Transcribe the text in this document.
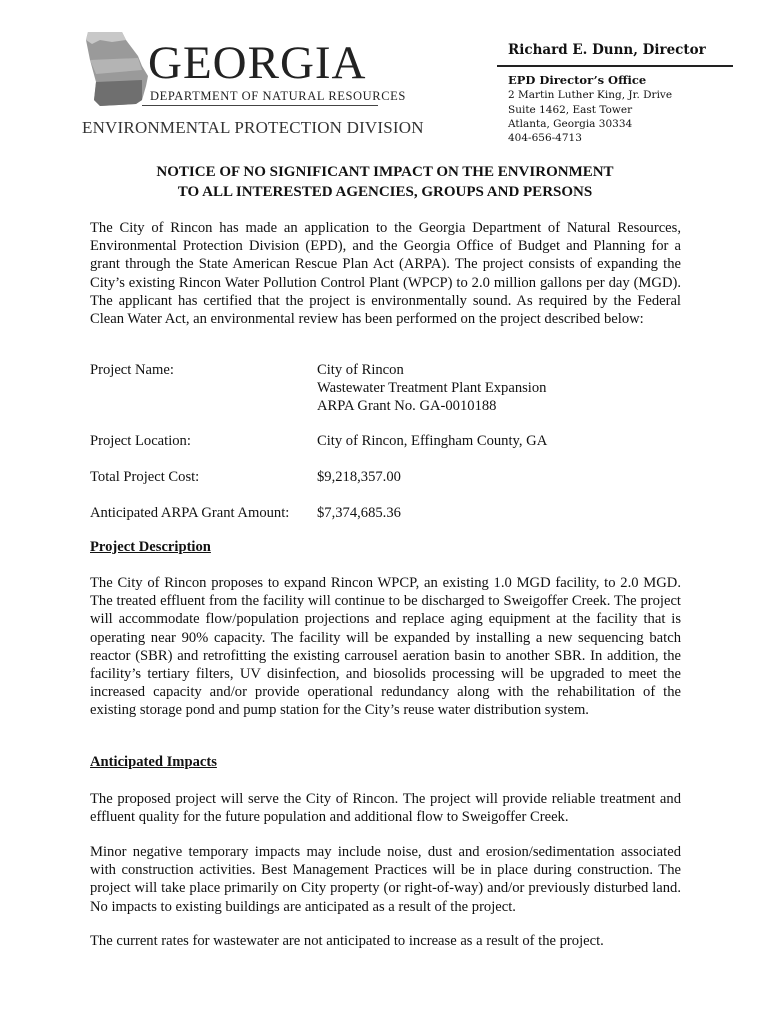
GEORGIA
DEPARTMENT OF NATURAL RESOURCES
ENVIRONMENTAL PROTECTION DIVISION
Richard E. Dunn, Director
EPD Director’s Office
2 Martin Luther King, Jr. Drive
Suite 1462, East Tower
Atlanta, Georgia 30334
404-656-4713
NOTICE OF NO SIGNIFICANT IMPACT ON THE ENVIRONMENT
TO ALL INTERESTED AGENCIES, GROUPS AND PERSONS
The City of Rincon has made an application to the Georgia Department of Natural Resources, Environmental Protection Division (EPD), and the Georgia Office of Budget and Planning for a grant through the State American Rescue Plan Act (ARPA). The project consists of expanding the City’s existing Rincon Water Pollution Control Plant (WPCP) to 2.0 million gallons per day (MGD). The applicant has certified that the project is environmentally sound. As required by the Federal Clean Water Act, an environmental review has been performed on the project described below:
Project Name:	City of Rincon
Wastewater Treatment Plant Expansion
ARPA Grant No. GA-0010188
Project Location:	City of Rincon, Effingham County, GA
Total Project Cost:	$9,218,357.00
Anticipated ARPA Grant Amount: $7,374,685.36
Project Description
The City of Rincon proposes to expand Rincon WPCP, an existing 1.0 MGD facility, to 2.0 MGD. The treated effluent from the facility will continue to be discharged to Sweigoffer Creek. The project will accommodate flow/population projections and replace aging equipment at the facility that is operating near 90% capacity. The facility will be expanded by installing a new sequencing batch reactor (SBR) and retrofitting the existing carrousel aeration basin to another SBR. In addition, the facility’s tertiary filters, UV disinfection, and biosolids processing will be upgraded to meet the increased capacity and/or provide operational redundancy along with the rehabilitation of the existing storage pond and pump station for the City’s reuse water distribution system.
Anticipated Impacts
The proposed project will serve the City of Rincon. The project will provide reliable treatment and effluent quality for the future population and additional flow to Sweigoffer Creek.
Minor negative temporary impacts may include noise, dust and erosion/sedimentation associated with construction activities. Best Management Practices will be in place during construction. The project will take place primarily on City property (or right-of-way) and/or previously disturbed land. No impacts to existing buildings are anticipated as a result of the project.
The current rates for wastewater are not anticipated to increase as a result of the project.
